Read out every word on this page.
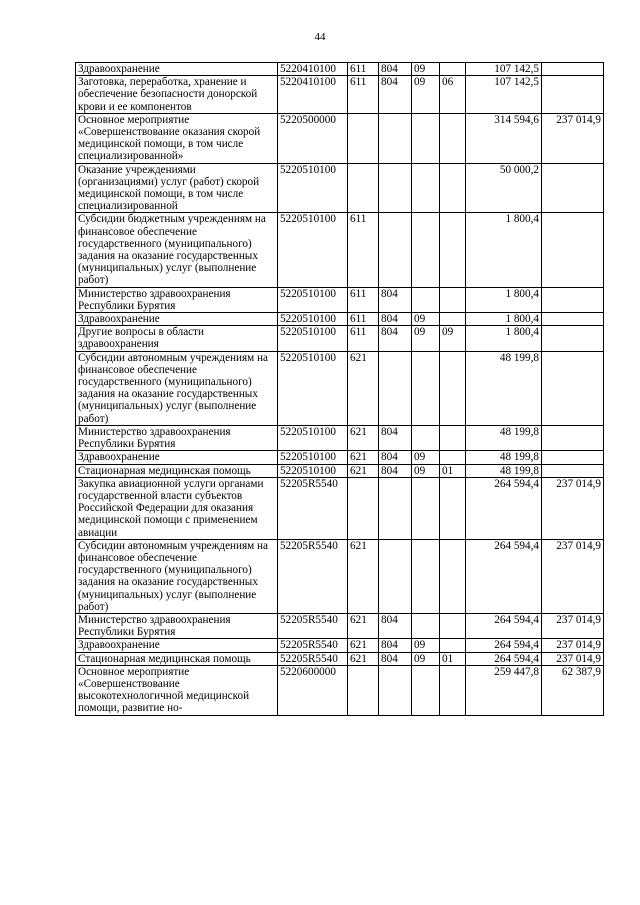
44
Здравоохранение	5220410100	611	804	09		107 142,5	
Заготовка, переработка, хранение и обеспечение безопасности донорской крови и ее компонентов	5220410100	611	804	09	06	107 142,5	
Основное мероприятие «Совершенствование оказания скорой медицинской помощи, в том числе специализированной»	5220500000					314 594,6	237 014,9
Оказание учреждениями (организациями) услуг (работ) скорой медицинской помощи, в том числе специализированной	5220510100					50 000,2	
Субсидии бюджетным учреждениям на финансовое обеспечение государственного (муниципального) задания на оказание государственных (муниципальных) услуг (выполнение работ)	5220510100	611				1 800,4	
Министерство здравоохранения Республики Бурятия	5220510100	611	804			1 800,4	
Здравоохранение	5220510100	611	804	09		1 800,4	
Другие вопросы в области здравоохранения	5220510100	611	804	09	09	1 800,4	
Субсидии автономным учреждениям на финансовое обеспечение государственного (муниципального) задания на оказание государственных (муниципальных) услуг (выполнение работ)	5220510100	621				48 199,8	
Министерство здравоохранения Республики Бурятия	5220510100	621	804			48 199,8	
Здравоохранение	5220510100	621	804	09		48 199,8	
Стационарная медицинская помощь	5220510100	621	804	09	01	48 199,8	
Закупка авиационной услуги органами государственной власти субъектов Российской Федерации для оказания медицинской помощи с применением авиации	52205R5540					264 594,4	237 014,9
Субсидии автономным учреждениям на финансовое обеспечение государственного (муниципального) задания на оказание государственных (муниципальных) услуг (выполнение работ)	52205R5540	621				264 594,4	237 014,9
Министерство здравоохранения Республики Бурятия	52205R5540	621	804			264 594,4	237 014,9
Здравоохранение	52205R5540	621	804	09		264 594,4	237 014,9
Стационарная медицинская помощь	52205R5540	621	804	09	01	264 594,4	237 014,9
Основное мероприятие «Совершенствование высокотехнологичной медицинской помощи, развитие но-	5220600000					259 447,8	62 387,9
